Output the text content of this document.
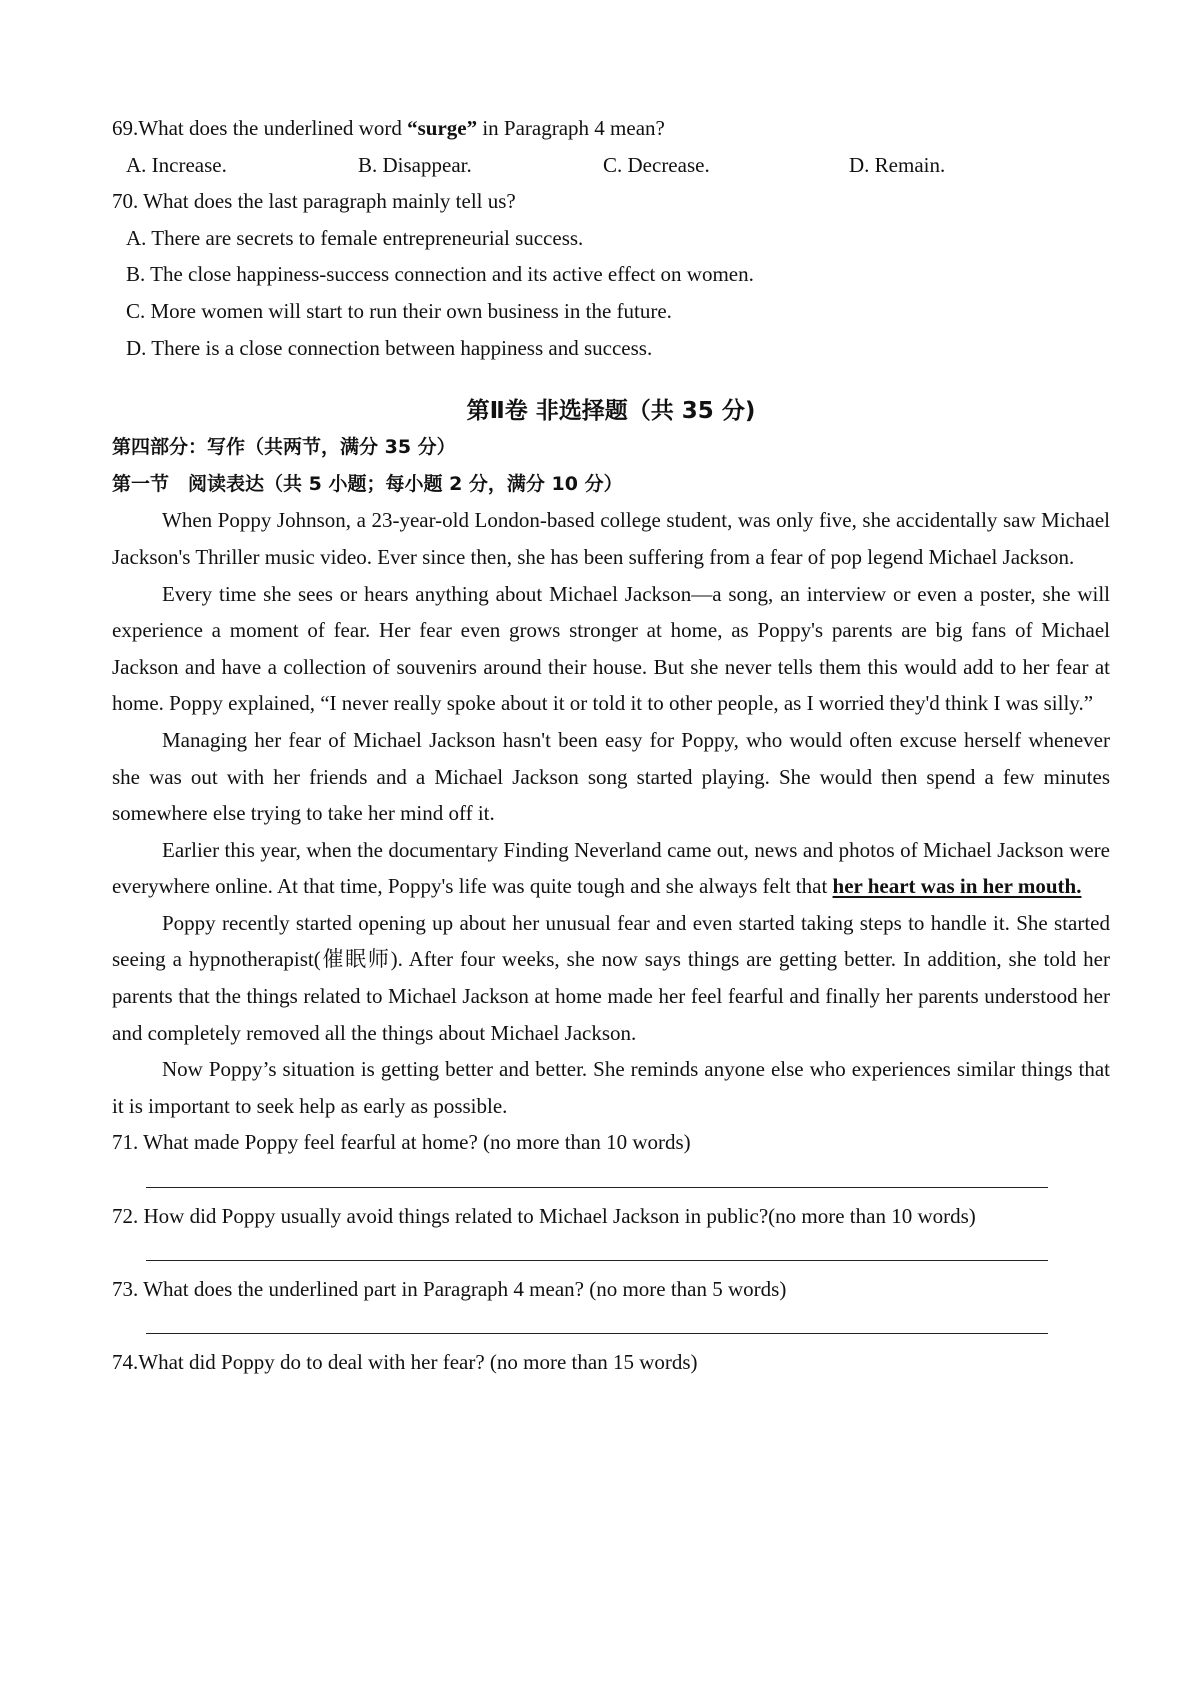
69.What does the underlined word “surge” in Paragraph 4 mean?

A. Increase.	B. Disappear.	C. Decrease.	D. Remain.

70. What does the last paragraph mainly tell us?

A. There are secrets to female entrepreneurial success.

B. The close happiness-success connection and its active effect on women.

C. More women will start to run their own business in the future.

D. There is a close connection between happiness and success.

第Ⅱ卷 非选择题（共 35 分)

第四部分：写作（共两节，满分 35 分）

第一节　阅读表达（共 5 小题；每小题 2 分，满分 10 分）

When Poppy Johnson, a 23-year-old London-based college student, was only five, she accidentally saw Michael Jackson's Thriller music video. Ever since then, she has been suffering from a fear of pop legend Michael Jackson.

Every time she sees or hears anything about Michael Jackson—a song, an interview or even a poster, she will experience a moment of fear. Her fear even grows stronger at home, as Poppy's parents are big fans of Michael Jackson and have a collection of souvenirs around their house. But she never tells them this would add to her fear at home. Poppy explained, “I never really spoke about it or told it to other people, as I worried they'd think I was silly.”

Managing her fear of Michael Jackson hasn't been easy for Poppy, who would often excuse herself whenever she was out with her friends and a Michael Jackson song started playing. She would then spend a few minutes somewhere else trying to take her mind off it.

Earlier this year, when the documentary Finding Neverland came out, news and photos of Michael Jackson were everywhere online. At that time, Poppy's life was quite tough and she always felt that her heart was in her mouth.

Poppy recently started opening up about her unusual fear and even started taking steps to handle it. She started seeing a hypnotherapist(催眠师). After four weeks, she now says things are getting better. In addition, she told her parents that the things related to Michael Jackson at home made her feel fearful and finally her parents understood her and completely removed all the things about Michael Jackson.

Now Poppy’s situation is getting better and better. She reminds anyone else who experiences similar things that it is important to seek help as early as possible.

71. What made Poppy feel fearful at home? (no more than 10 words)

72. How did Poppy usually avoid things related to Michael Jackson in public?(no more than 10 words)

73. What does the underlined part in Paragraph 4 mean? (no more than 5 words)

74.What did Poppy do to deal with her fear? (no more than 15 words)
